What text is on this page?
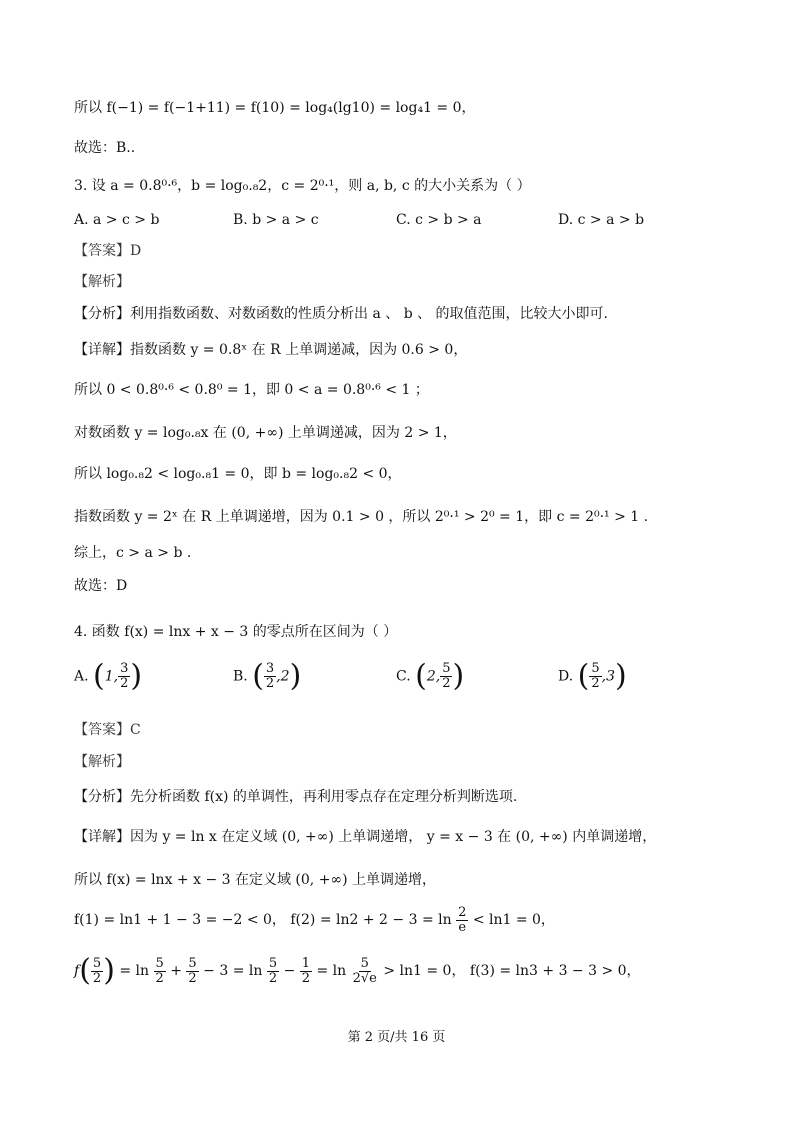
所以 f(−1) = f(−1+11) = f(10) = log₄(lg10) = log₄1 = 0，
故选：B..
3. 设 a = 0.8⁰·⁶，b = log₀.₈2，c = 2⁰·¹，则 a, b, c 的大小关系为（ ）
A. a > c > b	B. b > a > c	C. c > b > a	D. c > a > b
【答案】D
【解析】
【分析】利用指数函数、对数函数的性质分析出 a 、 b 、 的取值范围，比较大小即可.
【详解】指数函数 y = 0.8ˣ 在 R 上单调递减，因为 0.6 > 0，
所以 0 < 0.8⁰·⁶ < 0.8⁰ = 1，即 0 < a = 0.8⁰·⁶ < 1 ；
对数函数 y = log₀.₈x 在 (0, +∞) 上单调递减，因为 2 > 1，
所以 log₀.₈2 < log₀.₈1 = 0，即 b = log₀.₈2 < 0，
指数函数 y = 2ˣ 在 R 上单调递增，因为 0.1 > 0 ，所以 2⁰·¹ > 2⁰ = 1，即 c = 2⁰·¹ > 1 .
综上，c > a > b .
故选：D
4. 函数 f(x) = lnx + x − 3 的零点所在区间为（ ）
A. (1, $\frac{3}{2}$ )	B. ( $\frac{3}{2} ,2$)	C. (2, $\frac{5}{2}$ )	D. ( $\frac{5}{2} ,3$)
【答案】C
【解析】
【分析】先分析函数 f(x) 的单调性，再利用零点存在定理分析判断选项.
【详解】因为 y = ln x 在定义域 (0, +∞) 上单调递增， y = x − 3 在 (0, +∞) 内单调递增，
所以 f(x) = lnx + x − 3 在定义域 (0, +∞) 上单调递增，
f(1) = ln1 + 1 − 3 = −2 < 0， $f(2) = \ln 2 + 2 - 3 = \ln \frac{2}{e} < \ln 1 = 0$，
$f( \frac{5}{2}$ ) = $\ln \frac{5}{2} + \frac{5}{2} - 3 = \ln \frac{5}{2} - \frac{1}{2} = \ln \frac{5}{2√e} > \ln 1 = 0$， f(3) = ln3 + 3 − 3 > 0，
第 2 页/共 16 页
